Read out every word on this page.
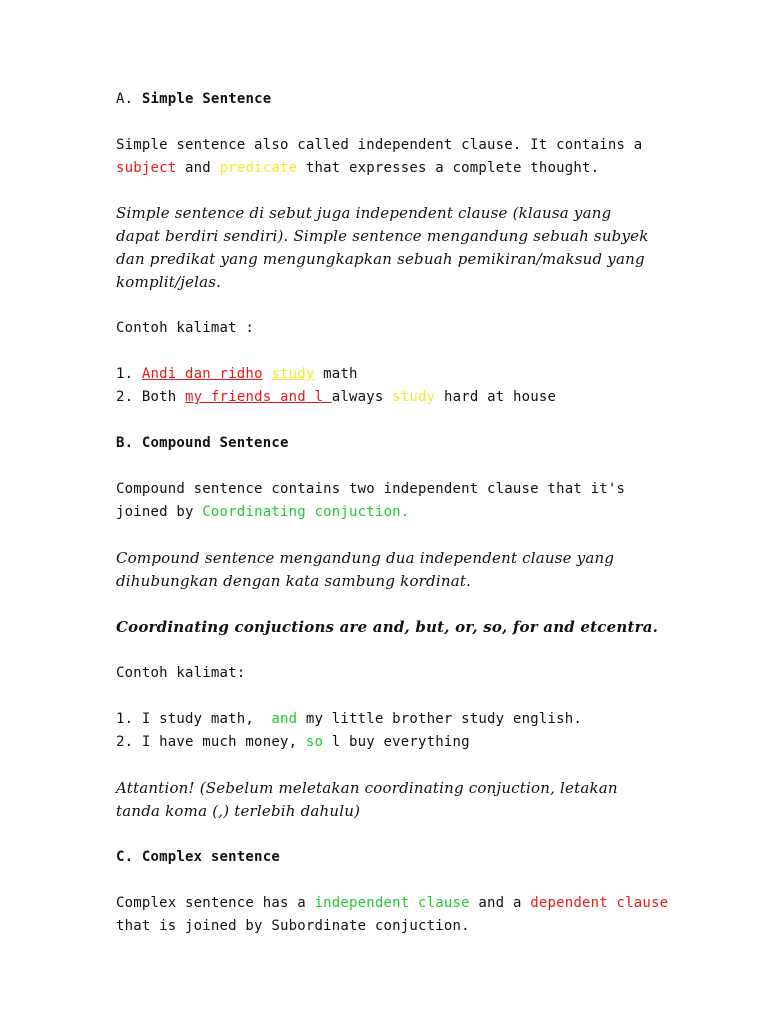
A. Simple Sentence
Simple sentence also called independent clause. It contains a
subject and predicate that expresses a complete thought.
Simple sentence di sebut juga independent clause (klausa yang
dapat berdiri sendiri). Simple sentence mengandung sebuah subyek
dan predikat yang mengungkapkan sebuah pemikiran/maksud yang
komplit/jelas.
Contoh kalimat :
1. Andi dan ridho study math
2. Both my friends and l always study hard at house
B. Compound Sentence
Compound sentence contains two independent clause that it's
joined by Coordinating conjuction.
Compound sentence mengandung dua independent clause yang
dihubungkan dengan kata sambung kordinat.
Coordinating conjuctions are and, but, or, so, for and etcentra.
Contoh kalimat:
1. I study math,  and my little brother study english.
2. I have much money, so l buy everything
Attantion! (Sebelum meletakan coordinating conjuction, letakan
tanda koma (,) terlebih dahulu)
C. Complex sentence
Complex sentence has a independent clause and a dependent clause
that is joined by Subordinate conjuction.
